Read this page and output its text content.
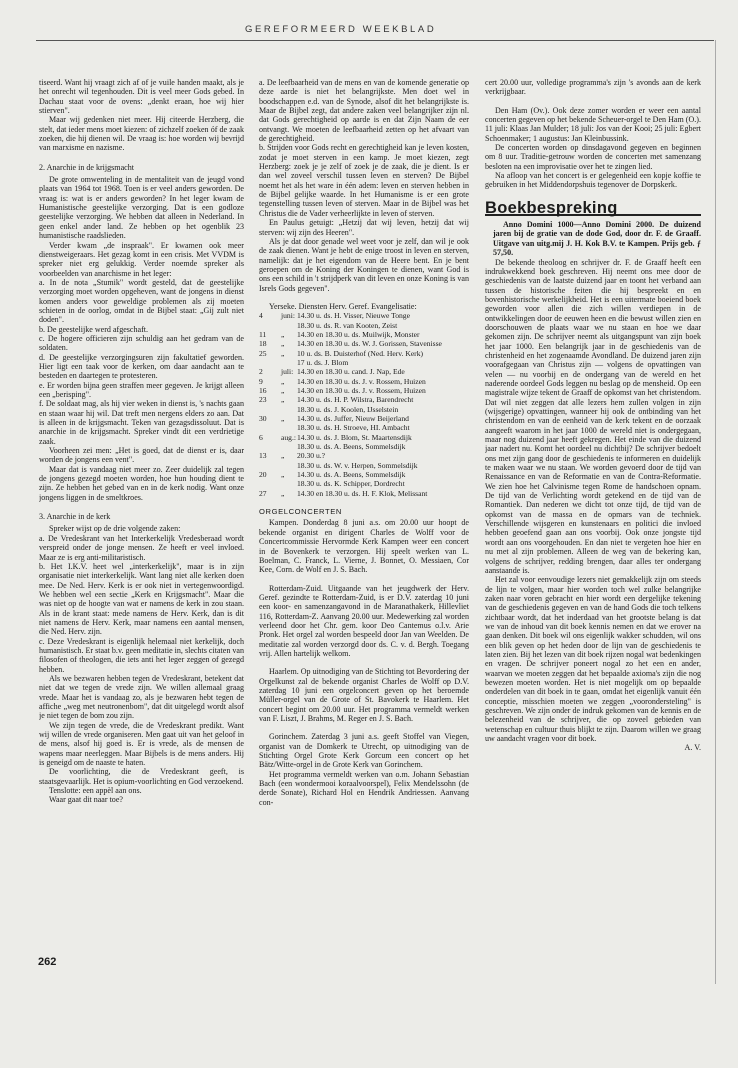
GEREFORMEERD WEEKBLAD

tiseerd. Want hij vraagt zich af of je vuile handen maakt, als je het onrecht wil tegenhouden. Dit is veel meer Gods gebed. In Dachau staat voor de ovens: „denkt eraan, hoe wij hier stierven".

Maar wij gedenken niet meer. Hij citeerde Herzberg, die stelt, dat ieder mens moet kiezen: of zichzelf zoeken óf de zaak zoeken, die hij dienen wil. De vraag is: hoe worden wij bevrijd van marxisme en nazisme.

2. Anarchie in de krijgsmacht

De grote omwenteling in de mentaliteit van de jeugd vond plaats van 1964 tot 1968. Toen is er veel anders geworden. De vraag is: wat is er anders geworden? In het leger kwam de Humanistische geestelijke verzorging. Dat is een godloze geestelijke verzorging. We hebben dat alleen in Nederland. In geen enkel ander land. Ze hebben op het ogenblik 23 humanistische raadslieden.

Verder kwam „de inspraak". Er kwamen ook meer dienstweigeraars. Het gezag komt in een crisis. Met VVDM is spreker niet erg gelukkig. Verder noemde spreker als voorbeelden van anarchisme in het leger:

a. In de nota „Stumik" wordt gesteld, dat de geestelijke verzorging moet worden opgeheven, want de jongens in dienst komen anders voor geweldige problemen als zij moeten schieten in de oorlog, omdat in de Bijbel staat: „Gij zult niet doden".

b. De geestelijke werd afgeschaft.

c. De hogere officieren zijn schuldig aan het gedram van de soldaten.

d. De geestelijke verzorgingsuren zijn fakultatief geworden. Hier ligt een taak voor de kerken, om daar aandacht aan te besteden en daartegen te protesteren.

e. Er worden bijna geen straffen meer gegeven. Je krijgt alleen een „berisping".

f. De soldaat mag, als hij vier weken in dienst is, 's nachts gaan en staan waar hij wil. Dat treft men nergens elders zo aan. Dat is alleen in de krijgsmacht. Teken van gezagsdissoluut. Dat is anarchie in de krijgsmacht. Spreker vindt dit een verdrietige zaak.

Voorheen zei men: „Het is goed, dat de dienst er is, daar worden de jongens een vent".

Maar dat is vandaag niet meer zo. Zeer duidelijk zal tegen de jongens gezegd moeten worden, hoe hun houding dient te zijn. Ze hebben het gebed van en in de kerk nodig. Want onze jongens liggen in de smeltkroes.

3. Anarchie in de kerk

Spreker wijst op de drie volgende zaken:

a. De Vredeskrant van het Interkerkelijk Vredesberaad wordt verspreid onder de jonge mensen. Ze heeft er veel invloed. Maar ze is erg anti-militaristisch.

b. Het I.K.V. heet wel „interkerkelijk", maar is in zijn organisatie niet interkerkelijk. Want lang niet alle kerken doen mee. De Ned. Herv. Kerk is er ook niet in vertegenwoordigd. We hebben wel een sectie „Kerk en Krijgsmacht". Maar die was niet op de hoogte van wat er namens de kerk in zou staan. Als in de krant staat: mede namens de Herv. Kerk, dan is dit niet namens de Herv. Kerk, maar namens een aantal mensen, die Ned. Herv. zijn.

c. Deze Vredeskrant is eigenlijk helemaal niet kerkelijk, doch humanistisch. Er staat b.v. geen meditatie in, slechts citaten van filosofen of theologen, die iets anti het leger zeggen of gezegd hebben.

Als we bezwaren hebben tegen de Vredeskrant, betekent dat niet dat we tegen de vrede zijn. We willen allemaal graag vrede. Maar het is vandaag zo, als je bezwaren hebt tegen de affiche „weg met neutronenbom", dat dit uitgelegd wordt alsof je niet tegen de bom zou zijn.

We zijn tegen de vrede, die de Vredeskrant predikt. Want wij willen de vrede organiseren. Men gaat uit van het geloof in de mens, alsof hij goed is. Er is vrede, als de mensen de wapens maar neerleggen. Maar Bijbels is de mens anders. Hij is geneigd om de naaste te haten.

De voorlichting, die de Vredeskrant geeft, is staatsgevaarlijk. Het is opium-voorlichting en God verzoekend.

Tenslotte: een appèl aan ons.

Waar gaat dit naar toe?

a. De leefbaarheid van de mens en van de komende generatie op deze aarde is niet het belangrijkste. Men doet wel in boodschappen e.d. van de Synode, alsof dit het belangrijkste is. Maar de Bijbel zegt, dat andere zaken veel belangrijker zijn nl. dat Gods gerechtigheid op aarde is en dat Zijn Naam de eer ontvangt. We moeten de leefbaarheid zetten op het afvaart van de gerechtigheid.

b. Strijden voor Gods recht en gerechtigheid kan je leven kosten, zodat je moet sterven in een kamp. Je moet kiezen, zegt Herzberg: zoek je je zelf of zoek je de zaak, die je dient. Is er dan wel zoveel verschil tussen leven en sterven? De Bijbel noemt het als het ware in één adem: leven en sterven hebben in de Bijbel gelijke waarde. In het Humanisme is er een grote tegenstelling tussen leven of sterven. Maar in de Bijbel was het Christus die de Vader verheerlijkte in leven of sterven.

En Paulus getuigt: „Hetzij dat wij leven, hetzij dat wij sterven: wij zijn des Heeren".

Als je dat door genade wel weet voor je zelf, dan wil je ook de zaak dienen. Want je hebt de enige troost in leven en sterven, namelijk: dat je het eigendom van de Heere bent. En je bent geroepen om de Koning der Koningen te dienen, want God is ons een schild in 't strijdperk van dit leven en onze Koning is van Isrels Gods gegeven".

Yerseke. Diensten Herv. Geref. Evangelisatie:

4	juni: 14.30 u. ds. H. Visser, Nieuwe Tonge
18.30 u. ds. R. van Kooten, Zeist
11	„	14.30 en 18.30 u. ds. Muilwijk, Monster
18	„	14.30 en 18.30 u. ds. W. J. Gorissen, Stavenisse
25	„	10 u. ds. B. Duisterhof (Ned. Herv. Kerk)
17 u. ds. J. Blom
2	juli: 14.30 en 18.30 u. cand. J. Nap, Ede
9	„	14.30 en 18.30 u. ds. J. v. Rossem, Huizen
16	„	14.30 en 18.30 u. ds. J. v. Rossem, Huizen
23	„	14.30 u. ds. H. P. Wilstra, Barendrecht
18.30 u. ds. J. Koolen, IJsselstein
30	„	14.30 u. ds. Juffer, Nieuw Beijerland
18.30 u. ds. H. Stroeve, HI. Ambacht
6	aug.: 14.30 u. ds. J. Blom, St. Maartensdijk
18.30 u. ds. A. Beens, Sommelsdijk
13	„	20.30 u.?
18.30 u. ds. W. v. Herpen, Sommelsdijk
20	„	14.30 u. ds. A. Beens, Sommelsdijk
18.30 u. ds. K. Schipper, Dordrecht
27	„	14.30 en 18.30 u. ds. H. F. Klok, Melissant
ORGELCONCERTEN

Kampen. Donderdag 8 juni a.s. om 20.00 uur hoopt de bekende organist en dirigent Charles de Wolff voor de Concertcommissie Hervormde Kerk Kampen weer een concert in de Bovenkerk te verzorgen. Hij speelt werken van L. Boelman, C. Franck, L. Vierne, J. Bonnet, O. Messiaen, Cor Kee, Corn. de Wolf en J. S. Bach.

Rotterdam-Zuid. Uitgaande van het jeugdwerk der Herv. Geref. gezindte te Rotterdam-Zuid, is er D.V. zaterdag 10 juni een koor- en samenzangavond in de Maranathakerk, Hillevliet 116, Rotterdam-Z. Aanvang 20.00 uur. Medewerking zal worden verleend door het Chr. gem. koor Deo Cantemus o.l.v. Arie Pronk. Het orgel zal worden bespeeld door Jan van Weelden. De meditatie zal worden verzorgd door ds. C. v. d. Bergh. Toegang vrij. Allen hartelijk welkom.

Haarlem. Op uitnodiging van de Stichting tot Bevordering der Orgelkunst zal de bekende organist Charles de Wolff op D.V. zaterdag 10 juni een orgelconcert geven op het beroemde Müller-orgel van de Grote of St. Bavokerk te Haarlem. Het concert begint om 20.00 uur. Het programma vermeldt werken van F. Liszt, J. Brahms, M. Reger en J. S. Bach.

Gorinchem. Zaterdag 3 juni a.s. geeft Stoffel van Viegen, organist van de Domkerk te Utrecht, op uitnodiging van de Stichting Orgel Grote Kerk Gorcum een concert op het Bätz/Witte-orgel in de Grote Kerk van Gorinchem.

Het programma vermeldt werken van o.m. Johann Sebastian Bach (een wondermooi koraalvoorspel), Felix Mendelssohn (de derde Sonate), Richard Hol en Hendrik Andriessen. Aanvang con-

cert 20.00 uur, volledige programma's zijn 's avonds aan de kerk verkrijgbaar.

Den Ham (Ov.). Ook deze zomer worden er weer een aantal concerten gegeven op het bekende Scheuer-orgel te Den Ham (O.). 11 juli: Klaas Jan Mulder; 18 juli: Jos van der Kooi; 25 juli: Egbert Schoenmaker; 1 augustus: Jan Kleinbussink.

De concerten worden op dinsdagavond gegeven en beginnen om 8 uur. Traditie-getrouw worden de concerten met samenzang besloten na een improvisatie over het te zingen lied.

Na afloop van het concert is er gelegenheid een kopje koffie te gebruiken in het Middendorpshuis tegenover de Dorpskerk.

Boekbespreking

Anno Domini 1000—Anno Domini 2000. De duizend jaren bij de gratie van de dode God, door dr. F. de Graaff. Uitgave van uitg.mij J. H. Kok B.V. te Kampen. Prijs geb. ƒ 57,50.

De bekende theoloog en schrijver dr. F. de Graaff heeft een indrukwekkend boek geschreven. Hij neemt ons mee door de geschiedenis van de laatste duizend jaar en toont het verband aan tussen de historische feiten die hij bespreekt en en bovenhistorische werkelijkheid. Het is een uitermate boeiend boek geworden voor allen die zich willen verdiepen in de ontwikkelingen door de eeuwen heen en die bewust willen zien en doorschouwen de plaats waar we nu staan en hoe we daar gekomen zijn. De schrijver neemt als uitgangspunt van zijn boek het jaar 1000. Een belangrijk jaar in de geschiedenis van de christenheid en het zogenaamde Avondland. De duizend jaren zijn voorafgegaan van Christus zijn — volgens de opvattingen van velen — nu voorbij en de ondergang van de wereld en het naderende oordeel Gods leggen nu beslag op de mensheid. Op een magistrale wijze tekent de Graaff de opkomst van het christendom. Dat wil niet zeggen dat alle lezers hem zullen volgen in zijn (wijsgerige) opvattingen, wanneer hij ook de ontbinding van het christendom en van de eenheid van de kerk tekent en de oorzaak aangeeft waarom in het jaar 1000 de wereld niet is ondergegaan, maar nog duizend jaar heeft gekregen. Het einde van die duizend jaar nadert nu. Komt het oordeel nu dichtbij? De schrijver bedoelt ons met zijn gang door de geschiedenis te informeren en duidelijk te maken waar we nu staan. We worden gevoerd door de tijd van Renaissance en van de Reformatie en van de Contra-Reformatie. We zien hoe het Calvinisme tegen Rome de handschoen opnam. De tijd van de Verlichting wordt getekend en de tijd van de Romantiek. Dan nederen we dicht tot onze tijd, de tijd van de opkomst van de massa en de opmars van de techniek. Verschillende wijsgeren en kunstenaars en politici die invloed hebben geoefend gaan aan ons voorbij. Ook onze jongste tijd wordt aan ons voorgehouden. En dan niet te vergeten hoe hier en nu met al zijn problemen. Alleen de weg van de bekering kan, volgens de schrijver, redding brengen, daar alles ter ondergang aanstaande is.

Het zal voor eenvoudige lezers niet gemakkelijk zijn om steeds de lijn te volgen, maar hier worden toch wel zulke belangrijke zaken naar voren gebracht en hier wordt een dergelijke tekening van de geschiedenis gegeven en van de hand Gods die toch telkens zichtbaar wordt, dat het inderdaad van het grootste belang is dat we van de inhoud van dit boek kennis nemen en dat we erover na gaan denken. Dit boek wil ons eigenlijk wakker schudden, wil ons een blik geven op het heden door de lijn van de geschiedenis te laten zien. Bij het lezen van dit boek rijzen nogal wat bedenkingen en vragen. De schrijver poneert nogal zo het een en ander, waarvan we moeten zeggen dat het bepaalde axioma's zijn die nog bewezen moeten worden. Het is niet mogelijk om op bepaalde onderdelen van dit boek in te gaan, omdat het eigenlijk vanuit één conceptie, misschien moeten we zeggen „voorondersteling" is geschreven. We zijn onder de indruk gekomen van de kennis en de belezenheid van de schrijver, die op zoveel gebieden van wetenschap en cultuur thuis blijkt te zijn. Daarom willen we graag uw aandacht vragen voor dit boek.

A. V.
262
